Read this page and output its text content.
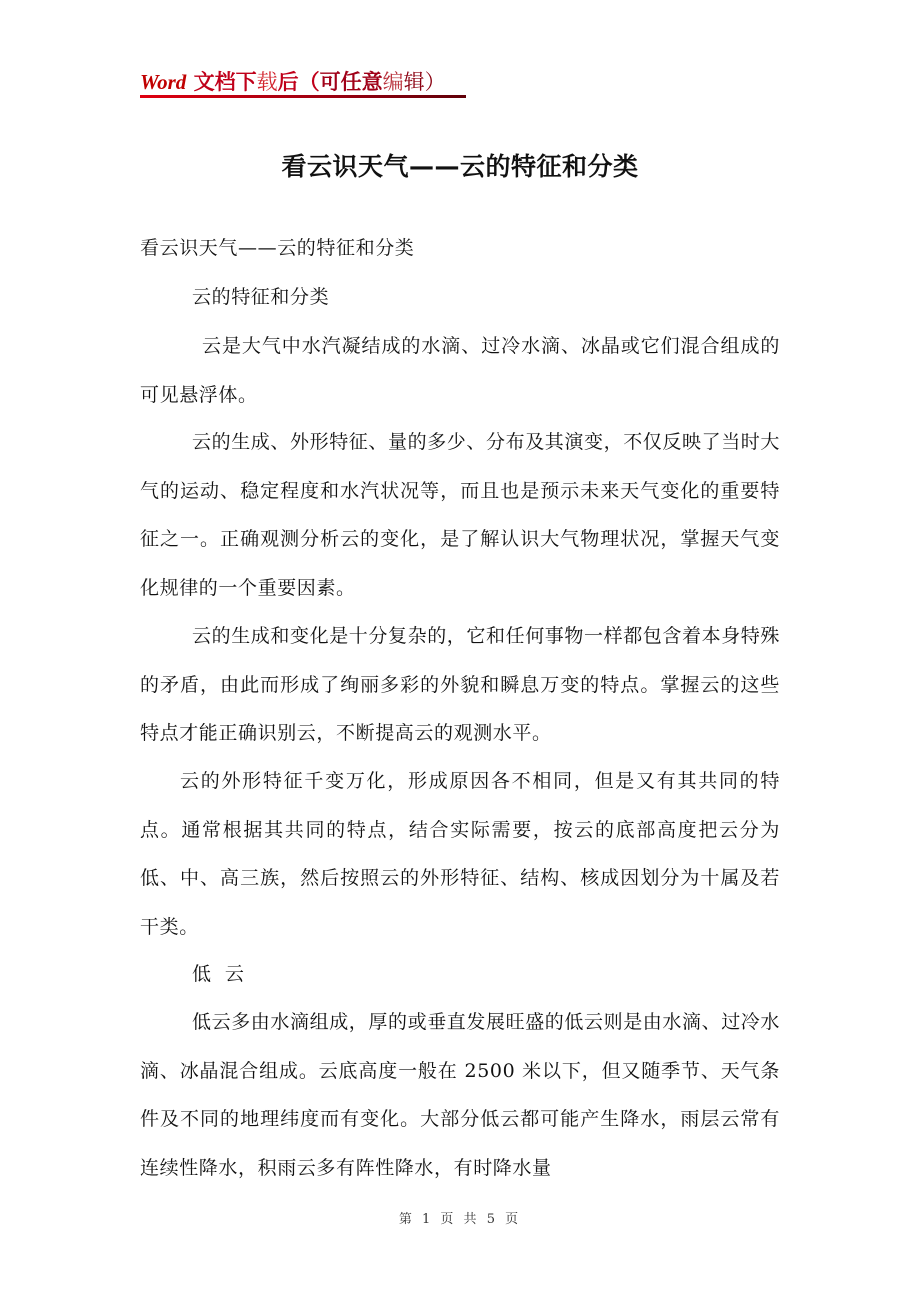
Word 文档下载后（可任意编辑）
看云识天气——云的特征和分类
看云识天气——云的特征和分类
云的特征和分类
云是大气中水汽凝结成的水滴、过冷水滴、冰晶或它们混合组成的可见悬浮体。
云的生成、外形特征、量的多少、分布及其演变，不仅反映了当时大气的运动、稳定程度和水汽状况等，而且也是预示未来天气变化的重要特征之一。正确观测分析云的变化，是了解认识大气物理状况，掌握天气变化规律的一个重要因素。
云的生成和变化是十分复杂的，它和任何事物一样都包含着本身特殊的矛盾，由此而形成了绚丽多彩的外貌和瞬息万变的特点。掌握云的这些特点才能正确识别云，不断提高云的观测水平。
云的外形特征千变万化，形成原因各不相同，但是又有其共同的特点。通常根据其共同的特点，结合实际需要，按云的底部高度把云分为低、中、高三族，然后按照云的外形特征、结构、核成因划分为十属及若干类。
低  云
低云多由水滴组成，厚的或垂直发展旺盛的低云则是由水滴、过冷水滴、冰晶混合组成。云底高度一般在 2500 米以下，但又随季节、天气条件及不同的地理纬度而有变化。大部分低云都可能产生降水，雨层云常有连续性降水，积雨云多有阵性降水，有时降水量
第 1 页 共 5 页
